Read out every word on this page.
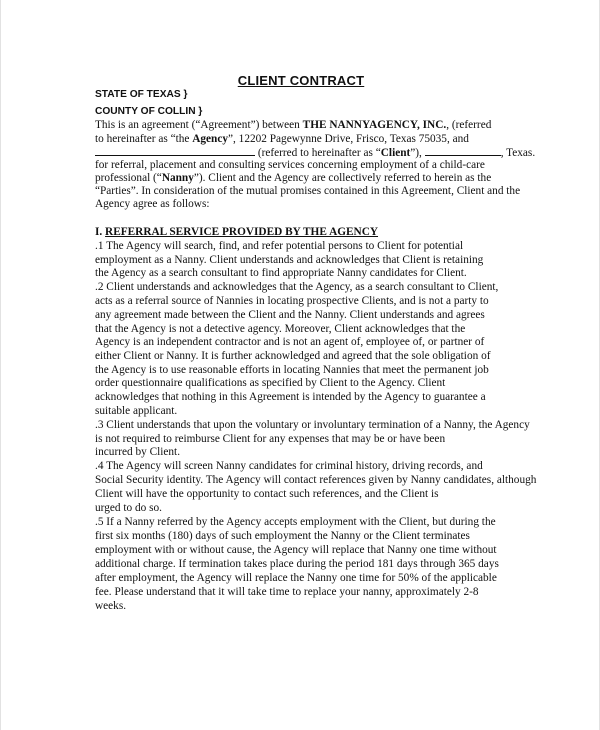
CLIENT CONTRACT
STATE OF TEXAS }
COUNTY OF COLLIN }
This is an agreement (“Agreement”) between THE NANNYAGENCY, INC., (referred
to hereinafter as “the Agency”, 12202 Pagewynne Drive, Frisco, Texas 75035, and
(referred to hereinafter as “Client”),	, Texas.
for referral, placement and consulting services concerning employment of a child-care
professional (“Nanny”). Client and the Agency are collectively referred to herein as the
“Parties”. In consideration of the mutual promises contained in this Agreement, Client and the
Agency agree as follows:
I. REFERRAL SERVICE PROVIDED BY THE AGENCY
.1 The Agency will search, find, and refer potential persons to Client for potential
employment as a Nanny. Client understands and acknowledges that Client is retaining
the Agency as a search consultant to find appropriate Nanny candidates for Client.
.2 Client understands and acknowledges that the Agency, as a search consultant to Client,
acts as a referral source of Nannies in locating prospective Clients, and is not a party to
any agreement made between the Client and the Nanny. Client understands and agrees
that the Agency is not a detective agency. Moreover, Client acknowledges that the
Agency is an independent contractor and is not an agent of, employee of, or partner of
either Client or Nanny. It is further acknowledged and agreed that the sole obligation of
the Agency is to use reasonable efforts in locating Nannies that meet the permanent job
order questionnaire qualifications as specified by Client to the Agency. Client
acknowledges that nothing in this Agreement is intended by the Agency to guarantee a
suitable applicant.
.3 Client understands that upon the voluntary or involuntary termination of a Nanny, the Agency
is not required to reimburse Client for any expenses that may be or have been
incurred by Client.
.4 The Agency will screen Nanny candidates for criminal history, driving records, and
Social Security identity. The Agency will contact references given by Nanny candidates, although
Client will have the opportunity to contact such references, and the Client is
urged to do so.
.5 If a Nanny referred by the Agency accepts employment with the Client, but during the
first six months (180) days of such employment the Nanny or the Client terminates
employment with or without cause, the Agency will replace that Nanny one time without
additional charge. If termination takes place during the period 181 days through 365 days
after employment, the Agency will replace the Nanny one time for 50% of the applicable
fee. Please understand that it will take time to replace your nanny, approximately 2-8
weeks.
